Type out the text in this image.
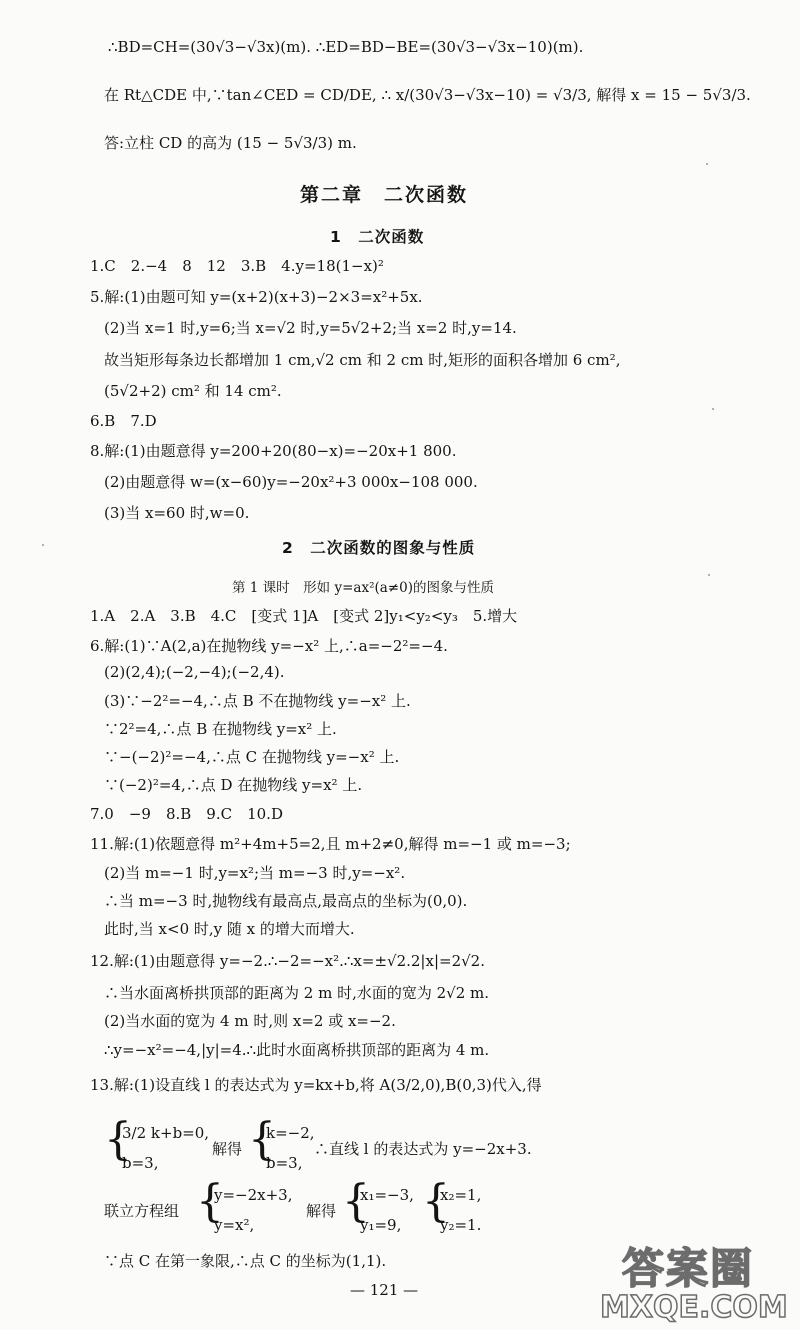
∴BD=CH=(30√3−√3x)(m). ∴ED=BD−BE=(30√3−√3x−10)(m).
在 Rt△CDE 中,∵tan∠CED = CD/DE, ∴ x/(30√3−√3x−10) = √3/3, 解得 x = 15 − 5√3/3.
答:立柱 CD 的高为 (15 − 5√3/3) m.
第二章　二次函数
1　二次函数
1.C　2.−4　8　12　3.B　4.y=18(1−x)²
5.解:(1)由题可知 y=(x+2)(x+3)−2×3=x²+5x.
(2)当 x=1 时,y=6;当 x=√2 时,y=5√2+2;当 x=2 时,y=14.
故当矩形每条边长都增加 1 cm,√2 cm 和 2 cm 时,矩形的面积各增加 6 cm²,
(5√2+2) cm² 和 14 cm².
6.B　7.D
8.解:(1)由题意得 y=200+20(80−x)=−20x+1 800.
(2)由题意得 w=(x−60)y=−20x²+3 000x−108 000.
(3)当 x=60 时,w=0.
2　二次函数的图象与性质
第 1 课时　形如 y=ax²(a≠0)的图象与性质
1.A　2.A　3.B　4.C　[变式 1]A　[变式 2]y₁<y₂<y₃　5.增大
6.解:(1)∵A(2,a)在抛物线 y=−x² 上,∴a=−2²=−4.
(2)(2,4);(−2,−4);(−2,4).
(3)∵−2²=−4,∴点 B 不在抛物线 y=−x² 上.
∵2²=4,∴点 B 在抛物线 y=x² 上.
∵−(−2)²=−4,∴点 C 在抛物线 y=−x² 上.
∵(−2)²=4,∴点 D 在抛物线 y=x² 上.
7.0　−9　8.B　9.C　10.D
11.解:(1)依题意得 m²+4m+5=2,且 m+2≠0,解得 m=−1 或 m=−3;
(2)当 m=−1 时,y=x²;当 m=−3 时,y=−x².
∴当 m=−3 时,抛物线有最高点,最高点的坐标为(0,0).
此时,当 x<0 时,y 随 x 的增大而增大.
12.解:(1)由题意得 y=−2.∴−2=−x².∴x=±√2.2|x|=2√2.
∴当水面离桥拱顶部的距离为 2 m 时,水面的宽为 2√2 m.
(2)当水面的宽为 4 m 时,则 x=2 或 x=−2.
∴y=−x²=−4,|y|=4.∴此时水面离桥拱顶部的距离为 4 m.
13.解:(1)设直线 l 的表达式为 y=kx+b,将 A(3/2,0),B(0,3)代入,得
{
3/2 k+b=0,
b=3,
解得 {
k=−2,
b=3,
∴直线 l 的表达式为 y=−2x+3.
联立方程组 {
y=−2x+3,
y=x²,
解得 {
x₁=−3,
y₁=9, {
x₂=1,
y₂=1.
∵点 C 在第一象限,∴点 C 的坐标为(1,1).
— 121 —	答案圈
MXQE.COM
